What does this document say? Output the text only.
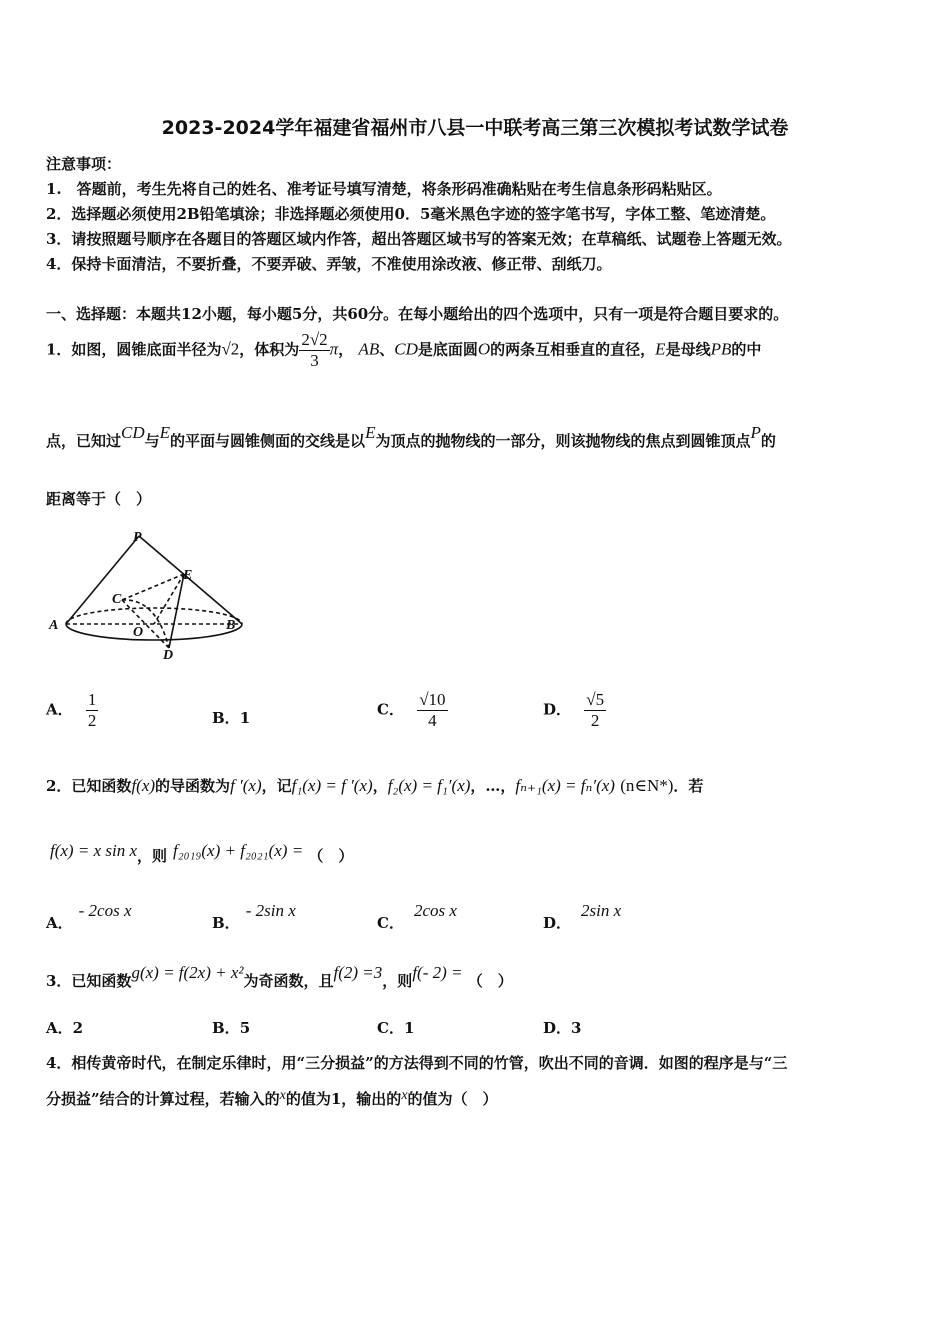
2023-2024学年福建省福州市八县一中联考高三第三次模拟考试数学试卷
注意事项：
1.　答题前，考生先将自己的姓名、准考证号填写清楚，将条形码准确粘贴在考生信息条形码粘贴区。
2．选择题必须使用2B铅笔填涂；非选择题必须使用0．5毫米黑色字迹的签字笔书写，字体工整、笔迹清楚。
3．请按照题号顺序在各题目的答题区域内作答，超出答题区域书写的答案无效；在草稿纸、试题卷上答题无效。
4．保持卡面清洁，不要折叠，不要弄破、弄皱，不准使用涂改液、修正带、刮纸刀。
一、选择题：本题共12小题，每小题5分，共60分。在每小题给出的四个选项中，只有一项是符合题目要求的。
1．如图，圆锥底面半径为√2，体积为 $\frac{2√2}{3}$ π， AB、CD是底面圆O的两条互相垂直的直径，E是母线PB的中
点，已知过CD与E的平面与圆锥侧面的交线是以E为顶点的抛物线的一部分，则该抛物线的焦点到圆锥顶点P的
距离等于（　）
P
E
C
O
A	B
D
A． $\frac{1}{2}$	B．1	C． $\frac{√10}{4}$	D． $\frac{√5}{2}$
2．已知函数f(x)的导函数为f ′(x)，记f₁(x) = f ′(x)，f₂(x) = f₁′(x)，…，fₙ₊₁(x) = fₙ′(x) (n∈N*)．若
f(x) = x sin x，则 f₂₀₁₉(x) + f₂₀₂₁(x) = （　）
A．- 2cos x
B．- 2sin x
C．2cos x
D．2sin x
3．已知函数g(x) = f(2x) + x²为奇函数，且f(2) =3，则f(- 2) = （　）
A．2	B．5	C．1	D．3
4．相传黄帝时代，在制定乐律时，用“三分损益”的方法得到不同的竹管，吹出不同的音调．如图的程序是与“三
分损益”结合的计算过程，若输入的x的值为1，输出的x的值为（　）
